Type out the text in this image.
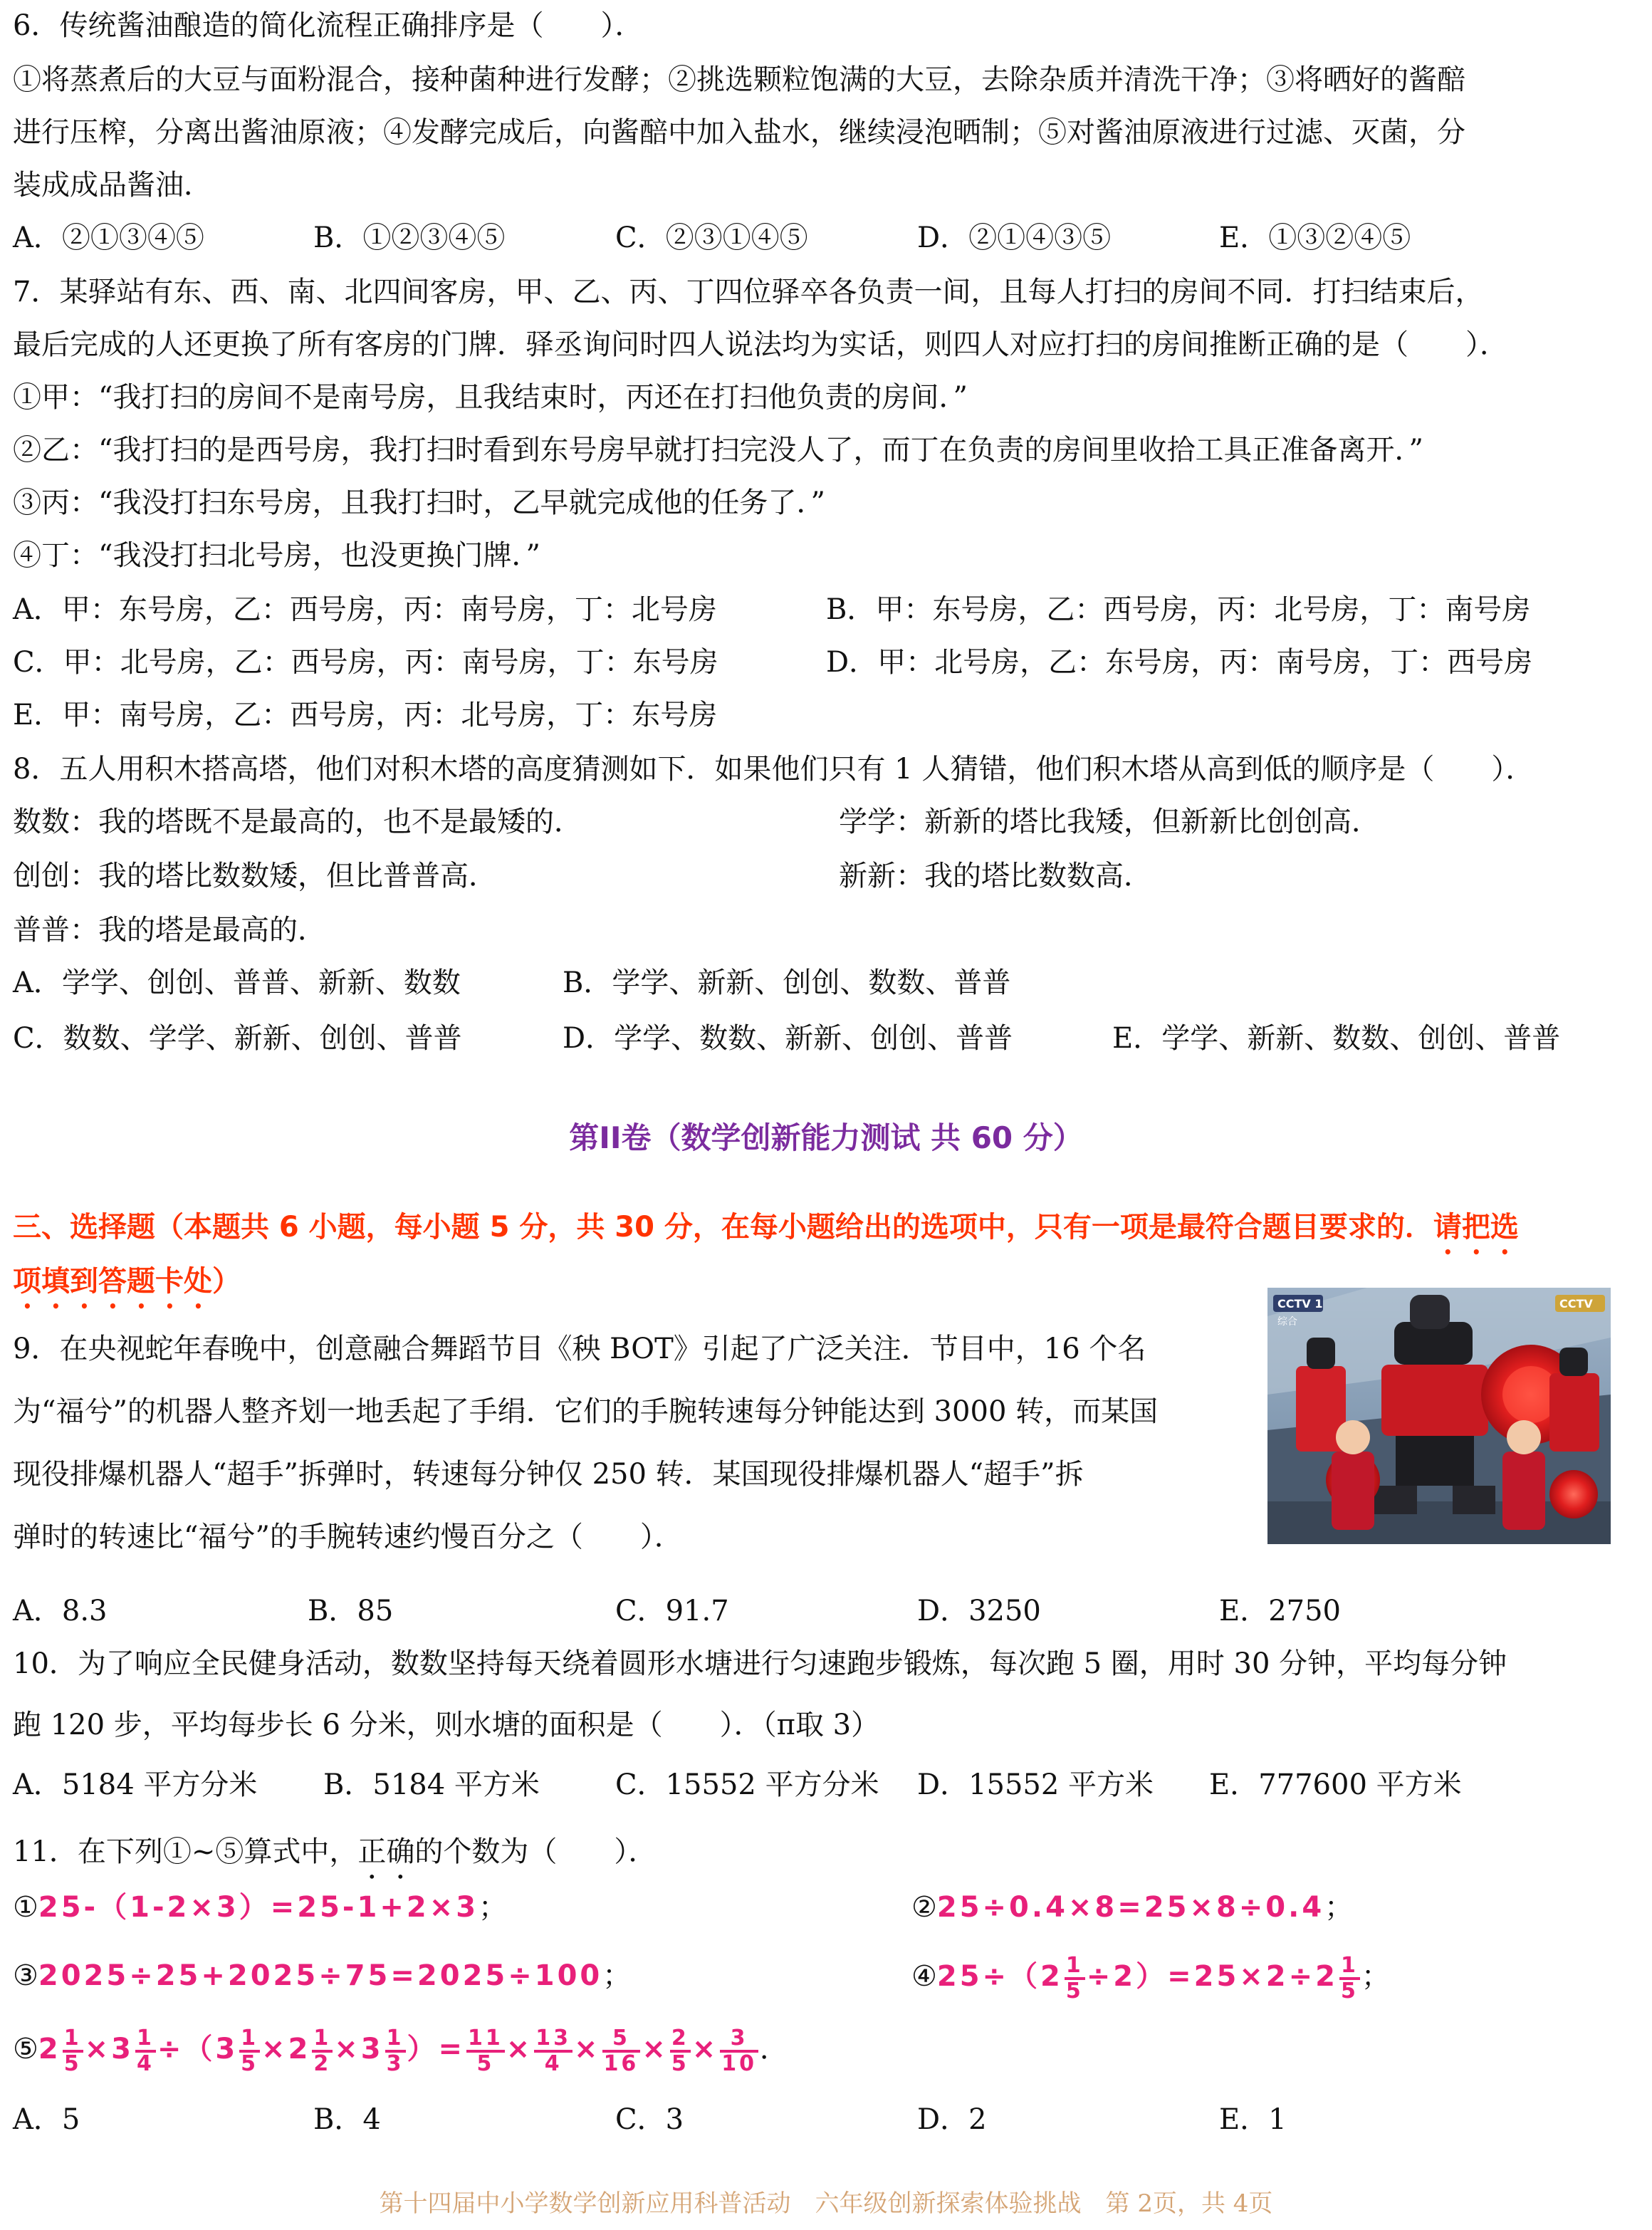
6．传统酱油酿造的简化流程正确排序是（　　）．
①将蒸煮后的大豆与面粉混合，接种菌种进行发酵；②挑选颗粒饱满的大豆，去除杂质并清洗干净；③将晒好的酱醅
进行压榨，分离出酱油原液；④发酵完成后，向酱醅中加入盐水，继续浸泡晒制；⑤对酱油原液进行过滤、灭菌，分
装成成品酱油．
A．②①③④⑤	B．①②③④⑤	C．②③①④⑤	D．②①④③⑤	E．①③②④⑤
7．某驿站有东、西、南、北四间客房，甲、乙、丙、丁四位驿卒各负责一间，且每人打扫的房间不同．打扫结束后，
最后完成的人还更换了所有客房的门牌．驿丞询问时四人说法均为实话，则四人对应打扫的房间推断正确的是（　　）．
①甲：“我打扫的房间不是南号房，且我结束时，丙还在打扫他负责的房间．”
②乙：“我打扫的是西号房，我打扫时看到东号房早就打扫完没人了，而丁在负责的房间里收拾工具正准备离开．”
③丙：“我没打扫东号房，且我打扫时，乙早就完成他的任务了．”
④丁：“我没打扫北号房，也没更换门牌．”
A．甲：东号房，乙：西号房，丙：南号房，丁：北号房	B．甲：东号房，乙：西号房，丙：北号房，丁：南号房
C．甲：北号房，乙：西号房，丙：南号房，丁：东号房	D．甲：北号房，乙：东号房，丙：南号房，丁：西号房
E．甲：南号房，乙：西号房，丙：北号房，丁：东号房
8．五人用积木搭高塔，他们对积木塔的高度猜测如下．如果他们只有 1 人猜错，他们积木塔从高到低的顺序是（　　）．
数数：我的塔既不是最高的，也不是最矮的．	学学：新新的塔比我矮，但新新比创创高．
创创：我的塔比数数矮，但比普普高．	新新：我的塔比数数高．
普普：我的塔是最高的．
A．学学、创创、普普、新新、数数	B．学学、新新、创创、数数、普普
C．数数、学学、新新、创创、普普	D．学学、数数、新新、创创、普普	E．学学、新新、数数、创创、普普
第II卷（数学创新能力测试 共 60 分）
三、选择题（本题共 6 小题，每小题 5 分，共 30 分，在每小题给出的选项中，只有一项是最符合题目要求的．请把选
项填到答题卡处）
9．在央视蛇年春晚中，创意融合舞蹈节目《秧 BOT》引起了广泛关注．节目中，16 个名
为“福兮”的机器人整齐划一地丢起了手绢．它们的手腕转速每分钟能达到 3000 转，而某国
现役排爆机器人“超手”拆弹时，转速每分钟仅 250 转．某国现役排爆机器人“超手”拆
弹时的转速比“福兮”的手腕转速约慢百分之（　　）．
CCTV 1
综合
CCTV
A．8.3	B．85	C．91.7	D．3250	E．2750
10．为了响应全民健身活动，数数坚持每天绕着圆形水塘进行匀速跑步锻炼，每次跑 5 圈，用时 30 分钟，平均每分钟
跑 120 步，平均每步长 6 分米，则水塘的面积是（　　）．（π取 3）
A．5184 平方分米 B．5184 平方米	C．15552 平方分米 D．15552 平方米 E．777600 平方米
11．在下列①~⑤算式中，正确的个数为（　　）．
①25-（1-2×3）=25-1+2×3；	②25÷0.4×8=25×8÷0.4；
③2025÷25+2025÷75=2025÷100；	④25÷（2 $\frac{1}{5} \div 2)=25\times 2\div 2 \frac{1}{5}$ ；
⑤2 $\frac{1}{5} \times 3 \frac{1}{4} \div(3 \frac{1}{5} \times 2 \frac{1}{2} \times 3 \frac{1}{3}$ ）= $\frac{11}{5} \times \frac{13}{4} \times \frac{5}{16} \times \frac{2}{5} \times \frac{3}{10}$ ．
A．5	B．4	C．3	D．2	E．1
第十四届中小学数学创新应用科普活动　六年级创新探索体验挑战　第 2页，共 4页
